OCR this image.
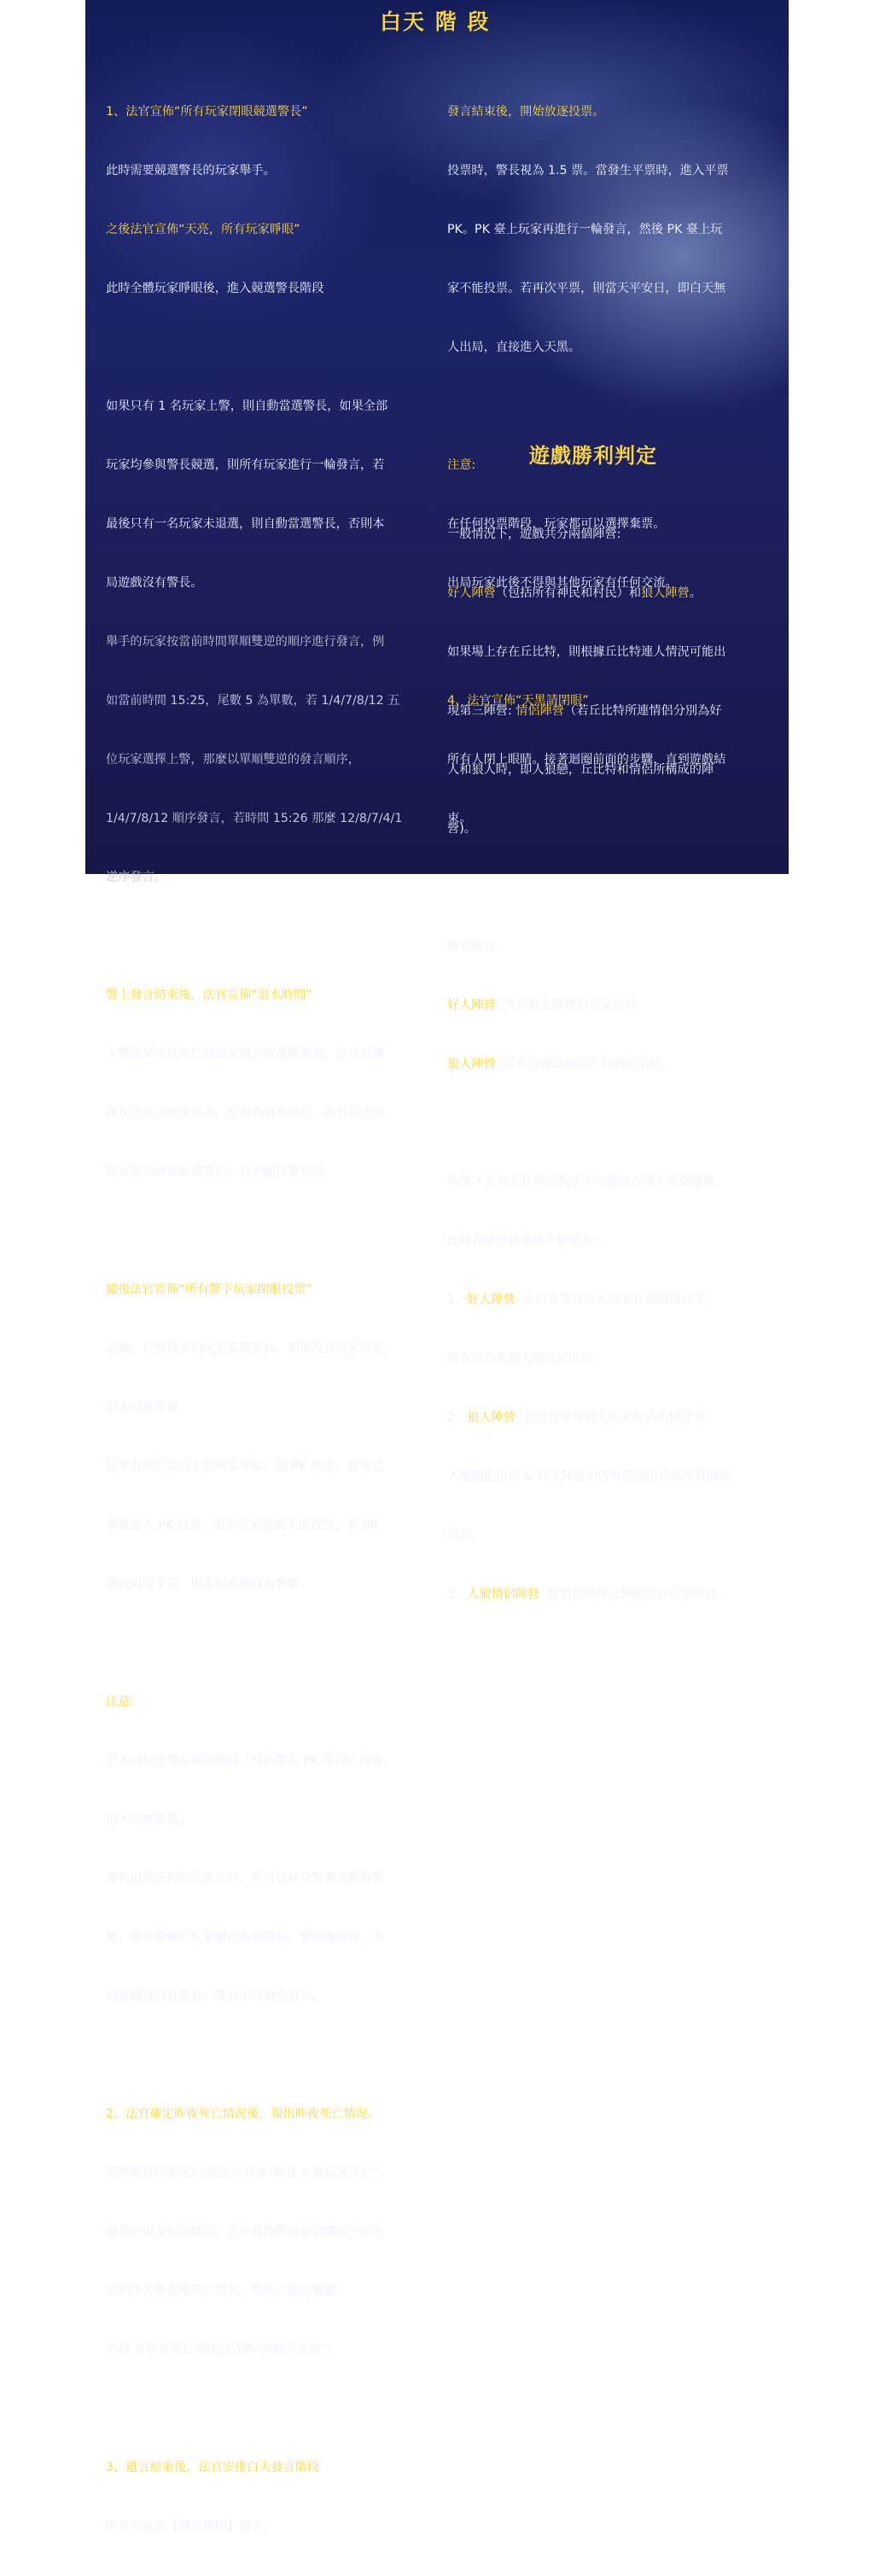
白天 階 段

1、法官宣佈“所有玩家閉眼競選警長”

此時需要競選警長的玩家舉手。

之後法官宣佈“天亮，所有玩家睜眼”

此時全體玩家睜眼後，進入競選警長階段

如果只有 1 名玩家上警，則自動當選警長，如果全部

玩家均參與警長競選，則所有玩家進行一輪發言，若

最後只有一名玩家未退選，則自動當選警長，否則本

局遊戲沒有警長。

舉手的玩家按當前時間單順雙逆的順序進行發言，例

如當前時間 15:25，尾數 5 為單數，若 1/4/7/8/12 五

位玩家選擇上警，那麼以單順雙逆的發言順序，

1/4/7/8/12 順序發言，若時間 15:26 那麼 12/8/7/4/1

逆序發言。

警上發言結束後，法官宣佈“退水時間”

上警玩家可以在任意玩家發言時選擇退水，也可以選

擇在法官宣佈後退水，都視為退水成功，所有退水的

玩家視為放棄競選警長，且不能投警長票。

隨後法官宣佈“所有警下玩家閉眼投票”

之後，得票最多的玩家當選警長，如果沒有玩家投票，

則本局無警徽。

如果有兩位及以上的玩家平票，則 PK 發言，發言完

畢後進入 PK 投票，退水玩家依舊不能投票，若 PK

階段再次平票，則本局遊戲沒有警徽。

注意:

狼人可以在警長競選階段（包括警長 PK 階段）自爆，

則本局無警徽。

警長由於任何原因死亡時，均可以移交警徽或撕掉警

徽，獲得警徽的玩家繼任為新警長，警徽撕毀後，本

局遊戲將沒有警長。警長不得搶先發言。

2、法官確定昨夜死亡情況後，報出昨夜死亡情況。

若昨晚有玩家死亡,則法官宣佈“昨夜 x 號玩家死亡”。

如果出現多死的情況，法官將按照玩家號碼從小到大

的順序公佈夜晚死亡情況，與死亡順序無關！

若沒 有玩家死亡則法官宣佈“昨晚平安夜”。

3、遺言結束後，法官安排白天發言階段

所有玩家按【發言規則】發言。

發言結束後，開始放逐投票。

投票時，警長視為 1.5 票。當發生平票時，進入平票

PK。PK 臺上玩家再進行一輪發言，然後 PK 臺上玩

家不能投票。若再次平票，則當天平安日，即白天無

人出局，直接進入天黑。

注意:

在任何投票階段，玩家都可以選擇棄票。

出局玩家此後不得與其他玩家有任何交流。

4、法官宣佈“天黑請閉眼”

所有人閉上眼睛。接著迴圈前面的步驟，直到遊戲結

束。

遊戲勝利判定

一般情況下，遊戲共分兩個陣營:

好人陣營（包括所有神民和村民）和狼人陣營。

如果場上存在丘比特，則根據丘比特連人情況可能出

現第三陣營: 情侶陣營（若丘比特所連情侶分別為好

人和狼人時，即人狼戀，丘比特和情侶所構成的陣

營)。

勝利條件：

好人陣營: 所有狼人陣營的玩家出局。

狼人陣營: 所有的神出局或所有的民出局。

特例 * 在有丘比特的板子中可能存在協力廠商陣營，

此時各陣營勝利條件變更為:

1、好人陣營: 在尚有單身好人玩家存活的情況下，

所有身份為狼人的玩家出局。

2、狼人陣營: 在尚有單身狼人玩家存活的情況下，

人狼情侶出局 & 好人陣營中所有的神出局或所有的民

出局。

3、人狼情侶陣營: 除情侶陣營之外的所有玩家出局。
